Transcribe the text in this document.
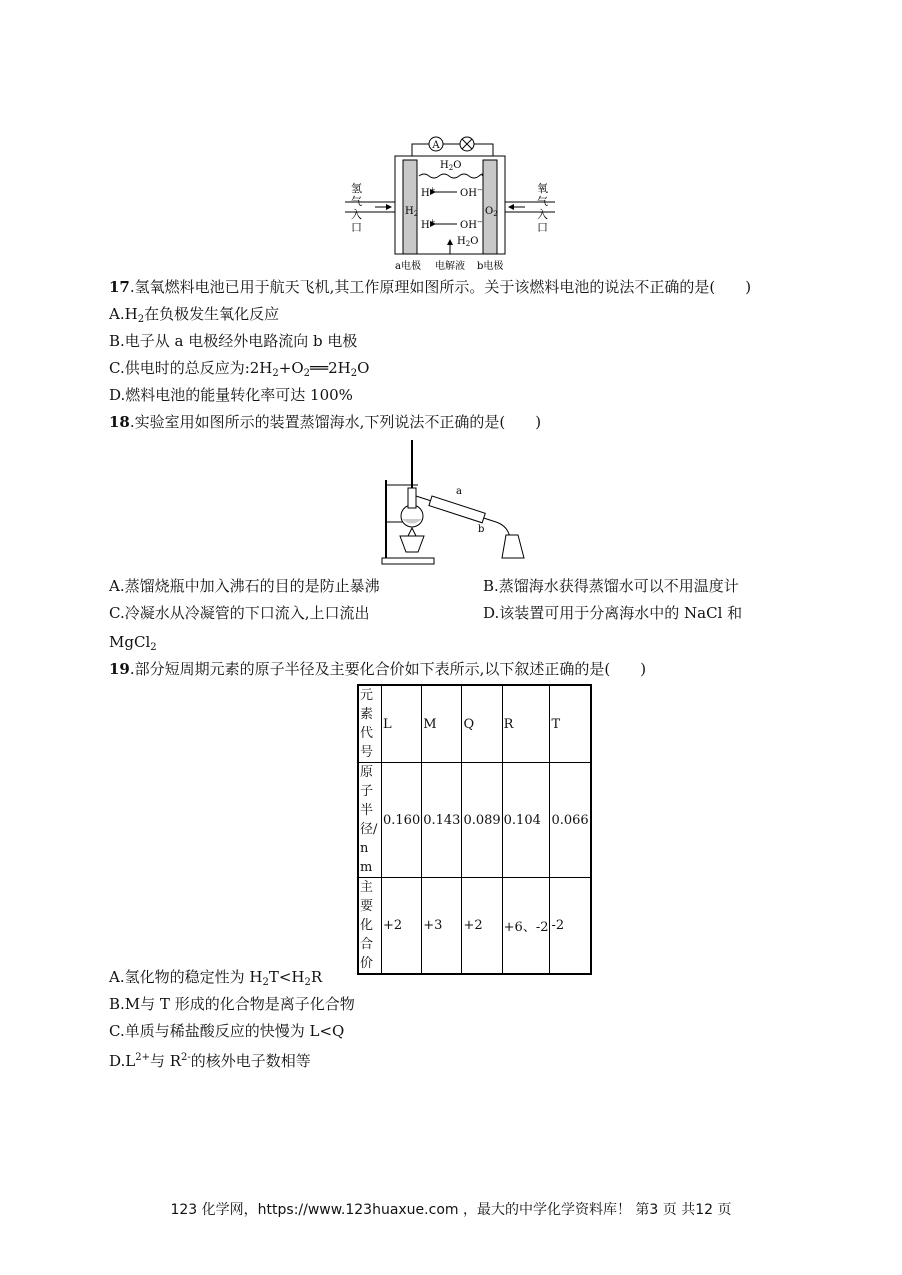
A
$H_2O$
H+ OH−
H+ OH−
$H_2$	$O_2$
$H_2O$
氢
气
入
口
氧
气
入
口
a电极 电解液 b电极
17.氢氧燃料电池已用于航天飞机,其工作原理如图所示。关于该燃料电池的说法不正确的是(　　)
$A.H_2$在负极发生氧化反应
B.电子从 a 电极经外电路流向 b 电极
C.供电时的总反应为$:2H_2+O_2══2H_2O$
D.燃料电池的能量转化率可达 100%
18.实验室用如图所示的装置蒸馏海水,下列说法不正确的是(　　)
a
b
A.蒸馏烧瓶中加入沸石的目的是防止暴沸	B.蒸馏海水获得蒸馏水可以不用温度计
C.冷凝水从冷凝管的下口流入,上口流出	D.该装置可用于分离海水中的 NaCl 和
MgCl$_2$
19.部分短周期元素的原子半径及主要化合价如下表所示,以下叙述正确的是(　　)
元素代号	L	M	Q	R	T
原子半径/nm	0.160	0.143	0.089	0.104	0.066
主要化合价	+2	+3	+2	+6、-2	-2
A.氢化物的稳定性为 $H_2T<H_2R$
B.M与 T 形成的化合物是离子化合物
C.单质与稀盐酸反应的快慢为 L<Q
$D.L^{2+}$与 $R^{2-}$的核外电子数相等
123 化学网，https://www.123huaxue.com ，最大的中学化学资料库！ 第3 页 共12 页
